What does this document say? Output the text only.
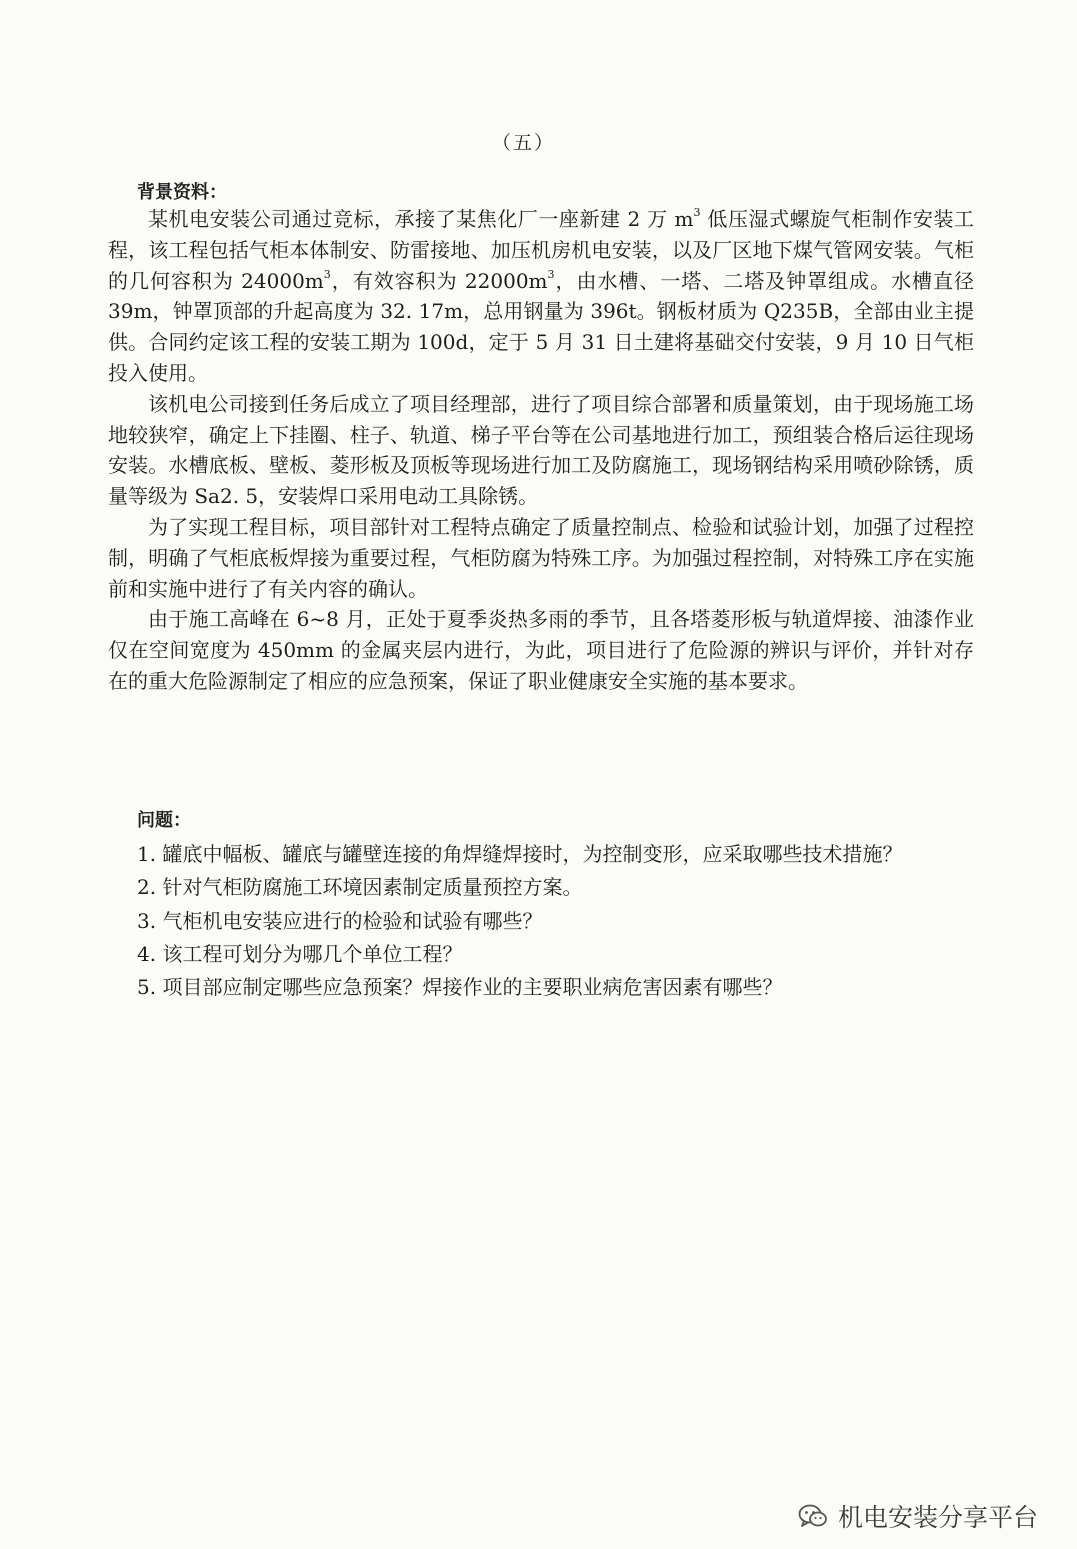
（五）
背景资料：

某机电安装公司通过竞标，承接了某焦化厂一座新建 2 万 $m^3$ 低压湿式螺旋气柜制作安装工程，该工程包括气柜本体制安、防雷接地、加压机房机电安装，以及厂区地下煤气管网安装。气柜的几何容积为 $24000m^3$，有效容积为 $22000m^3$，由水槽、一塔、二塔及钟罩组成。水槽直径 39m，钟罩顶部的升起高度为 32. 17m，总用钢量为 396t。钢板材质为 Q235B，全部由业主提供。合同约定该工程的安装工期为 100d，定于 5 月 31 日土建将基础交付安装，9 月 10 日气柜投入使用。

该机电公司接到任务后成立了项目经理部，进行了项目综合部署和质量策划，由于现场施工场地较狭窄，确定上下挂圈、柱子、轨道、梯子平台等在公司基地进行加工，预组装合格后运往现场安装。水槽底板、壁板、菱形板及顶板等现场进行加工及防腐施工，现场钢结构采用喷砂除锈，质量等级为 Sa2. 5，安装焊口采用电动工具除锈。

为了实现工程目标，项目部针对工程特点确定了质量控制点、检验和试验计划，加强了过程控制，明确了气柜底板焊接为重要过程，气柜防腐为特殊工序。为加强过程控制，对特殊工序在实施前和实施中进行了有关内容的确认。

由于施工高峰在 6~8 月，正处于夏季炎热多雨的季节，且各塔菱形板与轨道焊接、油漆作业仅在空间宽度为 450mm 的金属夹层内进行，为此，项目进行了危险源的辨识与评价，并针对存在的重大危险源制定了相应的应急预案，保证了职业健康安全实施的基本要求。

问题：
1. 罐底中幅板、罐底与罐壁连接的角焊缝焊接时，为控制变形，应采取哪些技术措施？
2. 针对气柜防腐施工环境因素制定质量预控方案。
3. 气柜机电安装应进行的检验和试验有哪些？
4. 该工程可划分为哪几个单位工程？
5. 项目部应制定哪些应急预案？焊接作业的主要职业病危害因素有哪些？
机电安装分享平台
